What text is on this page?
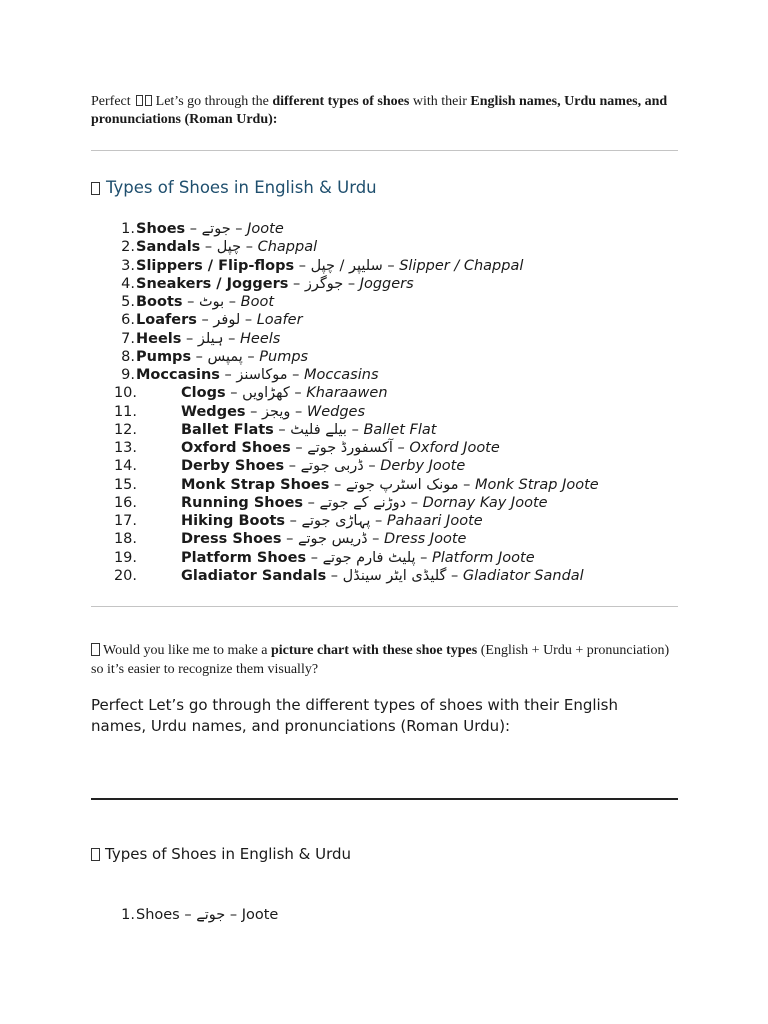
Perfect  Let’s go through the different types of shoes with their English names, Urdu names, and pronunciations (Roman Urdu):
Types of Shoes in English & Urdu
1. Shoes – جوتے – Joote
2. Sandals – چپل – Chappal
3. Slippers / Flip-flops – سلیپر / چپل – Slipper / Chappal
4. Sneakers / Joggers – جوگرز – Joggers
5. Boots – بوٹ – Boot
6. Loafers – لوفر – Loafer
7. Heels – ہیلز – Heels
8. Pumps – پمپس – Pumps
9. Moccasins – موکاسنز – Moccasins
10.	Clogs – کھڑاویں – Kharaawen
11.	Wedges – ویجز – Wedges
12.	Ballet Flats – بیلے فلیٹ – Ballet Flat
13.	Oxford Shoes – آکسفورڈ جوتے – Oxford Joote
14.	Derby Shoes – ڈربی جوتے – Derby Joote
15.	Monk Strap Shoes – مونک اسٹرپ جوتے – Monk Strap Joote
16.	Running Shoes – دوڑنے کے جوتے – Dornay Kay Joote
17.	Hiking Boots – پہاڑی جوتے – Pahaari Joote
18.	Dress Shoes – ڈریس جوتے – Dress Joote
19.	Platform Shoes – پلیٹ فارم جوتے – Platform Joote
20.	Gladiator Sandals – گلیڈی ایٹر سینڈل – Gladiator Sandal
Would you like me to make a picture chart with these shoe types (English + Urdu + pronunciation) so it’s easier to recognize them visually?
Perfect Let’s go through the different types of shoes with their English names, Urdu names, and pronunciations (Roman Urdu):
Types of Shoes in English & Urdu
1. Shoes – جوتے – Joote
